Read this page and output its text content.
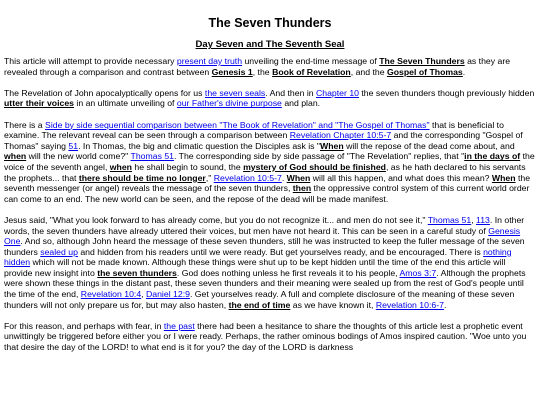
The Seven Thunders
Day Seven and The Seventh Seal

This article will attempt to provide necessary present day truth unveiling the end-time message of The Seven Thunders as they are revealed through a comparison and contrast between Genesis 1, the Book of Revelation, and the Gospel of Thomas.

The Revelation of John apocalyptically opens for us the seven seals. And then in Chapter 10 the seven thunders though previously hidden utter their voices in an ultimate unveiling of our Father's divine purpose and plan.

There is a Side by side sequential comparison between "The Book of Revelation" and "The Gospel of Thomas" that is beneficial to examine. The relevant reveal can be seen through a comparison between Revelation Chapter 10:5-7 and the corresponding "Gospel of Thomas" saying 51. In Thomas, the big and climatic question the Disciples ask is "When will the repose of the dead come about, and when will the new world come?" Thomas 51. The corresponding side by side passage of "The Revelation" replies, that "in the days of the voice of the seventh angel, when he shall begin to sound, the mystery of God should be finished, as he hath declared to his servants the prophets... that there should be time no longer," Revelation 10:5-7. When will all this happen, and what does this mean? When the seventh messenger (or angel) reveals the message of the seven thunders, then the oppressive control system of this current world order can come to an end. The new world can be seen, and the repose of the dead will be made manifest.

Jesus said, "What you look forward to has already come, but you do not recognize it... and men do not see it," Thomas 51, 113. In other words, the seven thunders have already uttered their voices, but men have not heard it. This can be seen in a careful study of Genesis One. And so, although John heard the message of these seven thunders, still he was instructed to keep the fuller message of the seven thunders sealed up and hidden from his readers until we were ready. But get yourselves ready, and be encouraged. There is nothing hidden which will not be made known. Although these things were shut up to be kept hidden until the time of the end this article will provide new insight into the seven thunders. God does nothing unless he first reveals it to his people, Amos 3:7. Although the prophets were shown these things in the distant past, these seven thunders and their meaning were sealed up from the rest of God's people until the time of the end, Revelation 10:4, Daniel 12:9. Get yourselves ready. A full and complete disclosure of the meaning of these seven thunders will not only prepare us for, but may also hasten, the end of time as we have known it, Revelation 10:6-7.

For this reason, and perhaps with fear, in the past there had been a hesitance to share the thoughts of this article lest a prophetic event unwittingly be triggered before either you or I were ready. Perhaps, the rather ominous bodings of Amos inspired caution. "Woe unto you that desire the day of the LORD! to what end is it for you? the day of the LORD is darkness
